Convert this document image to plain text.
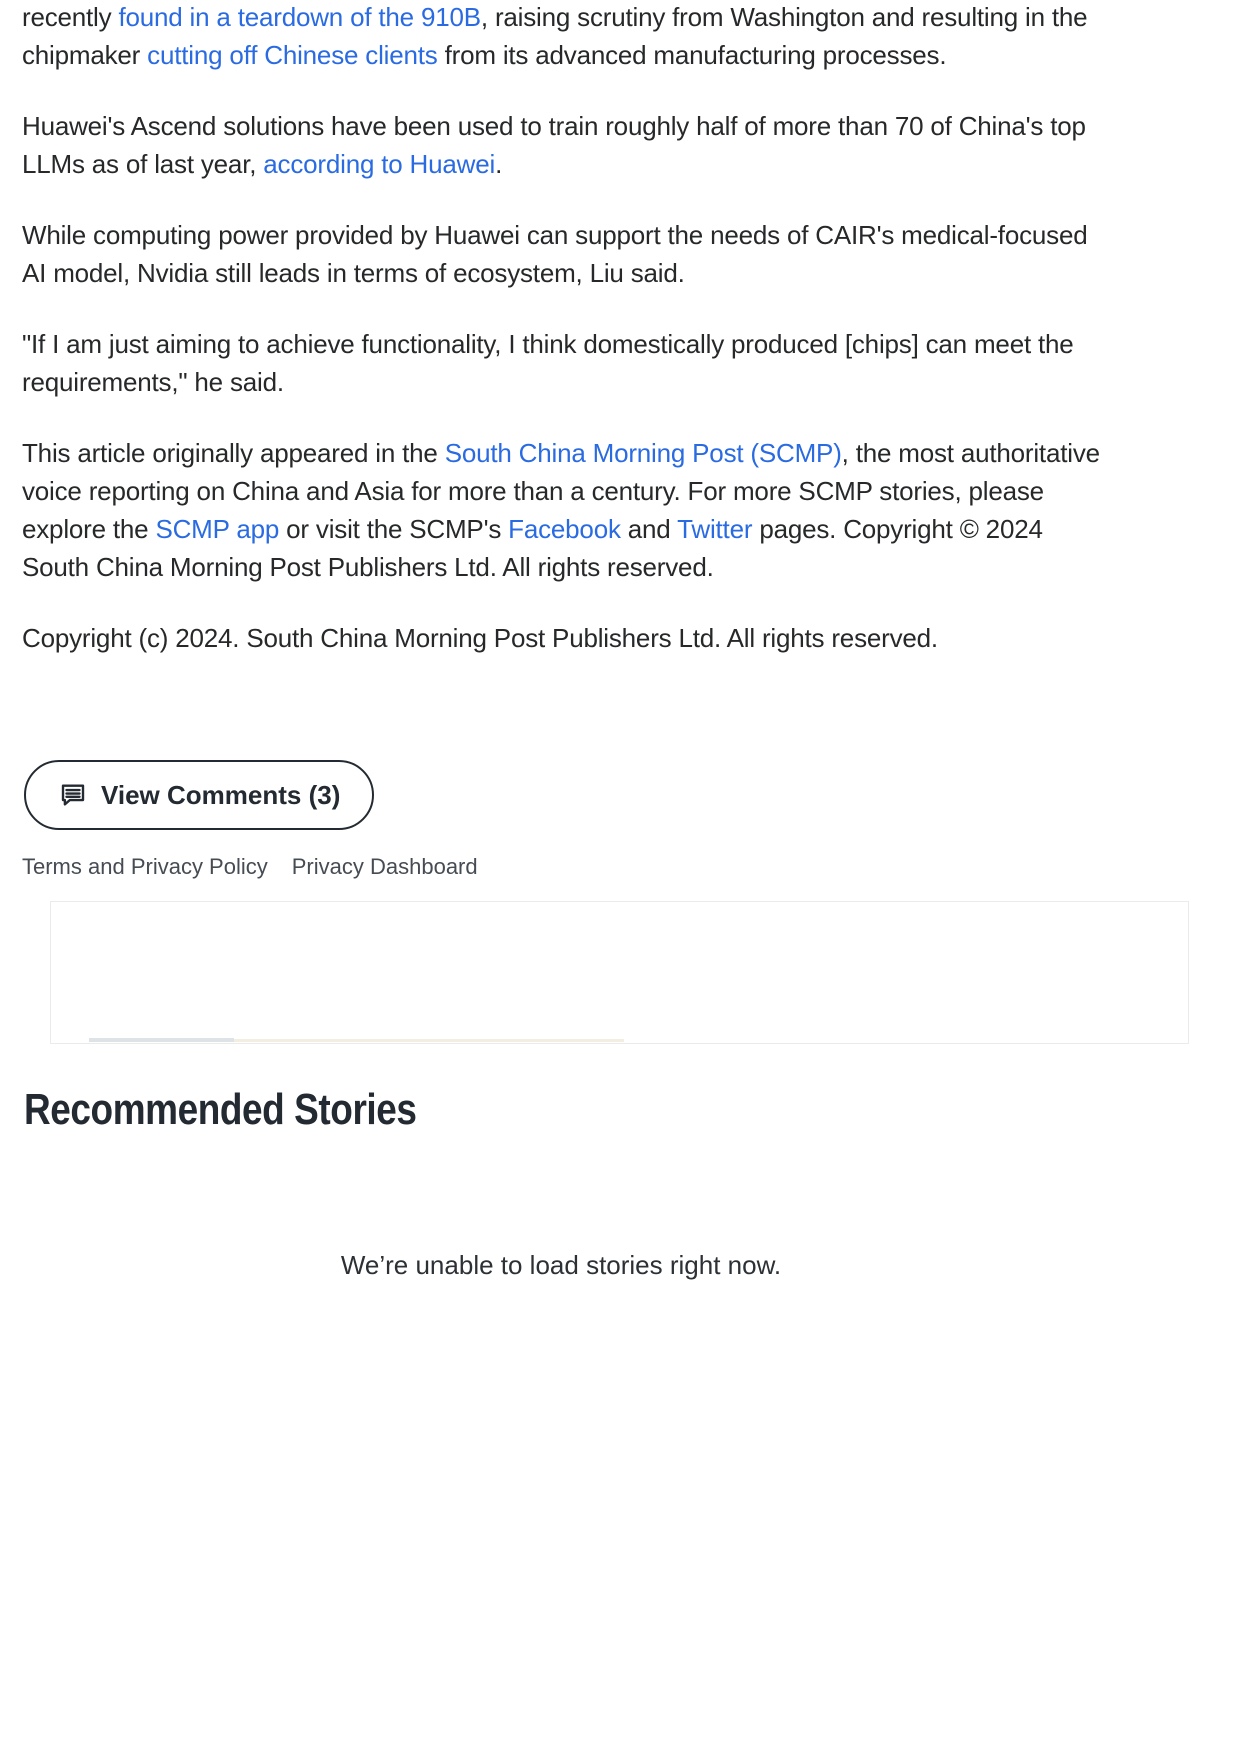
recently found in a teardown of the 910B, raising scrutiny from Washington and resulting in the chipmaker cutting off Chinese clients from its advanced manufacturing processes.

Huawei's Ascend solutions have been used to train roughly half of more than 70 of China's top LLMs as of last year, according to Huawei.

While computing power provided by Huawei can support the needs of CAIR's medical-focused AI model, Nvidia still leads in terms of ecosystem, Liu said.

"If I am just aiming to achieve functionality, I think domestically produced [chips] can meet the requirements," he said.

This article originally appeared in the South China Morning Post (SCMP), the most authoritative voice reporting on China and Asia for more than a century. For more SCMP stories, please explore the SCMP app or visit the SCMP's Facebook and Twitter pages. Copyright © 2024 South China Morning Post Publishers Ltd. All rights reserved.

Copyright (c) 2024. South China Morning Post Publishers Ltd. All rights reserved.

View Comments (3)
Terms and Privacy Policy Privacy Dashboard
Recommended Stories
We’re unable to load stories right now.
